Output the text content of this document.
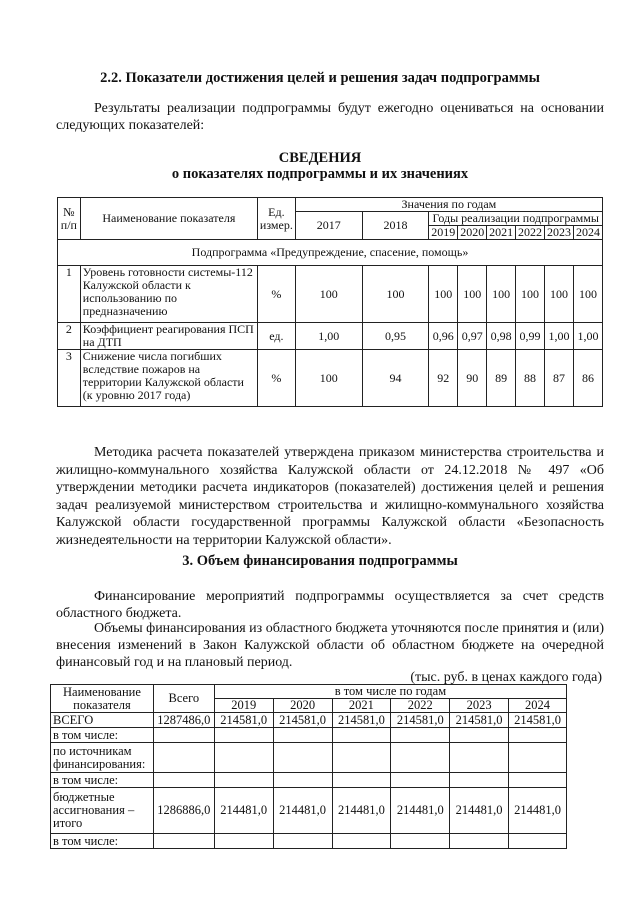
2.2. Показатели достижения целей и решения задач подпрограммы
Результаты реализации подпрограммы будут ежегодно оцениваться на основании следующих показателей:
СВЕДЕНИЯ
о показателях подпрограммы и их значениях
№ п/п	Наименование показателя	Ед. измер.	Значения по годам							
			2017	2018	Годы реализации подпрограммы					
					2019	2020	2021	2022	2023	2024
Подпрограмма «Предупреждение, спасение, помощь»										
1	Уровень готовности системы-112 Калужской области к использованию по предназначению	%	100	100	100	100	100	100	100	100
2	Коэффициент реагирования ПСП на ДТП	ед.	1,00	0,95	0,96	0,97	0,98	0,99	1,00	1,00
3	Снижение числа погибших вследствие пожаров на территории Калужской области (к уровню 2017 года)	%	100	94	92	90	89	88	87	86
Методика расчета показателей утверждена приказом министерства строительства и жилищно-коммунального хозяйства Калужской области от 24.12.2018 № 497 «Об утверждении методики расчета индикаторов (показателей) достижения целей и решения задач реализуемой министерством строительства и жилищно-коммунального хозяйства Калужской области государственной программы Калужской области «Безопасность жизнедеятельности на территории Калужской области».
3. Объем финансирования подпрограммы
Финансирование мероприятий подпрограммы осуществляется за счет средств областного бюджета.
Объемы финансирования из областного бюджета уточняются после принятия и (или) внесения изменений в Закон Калужской области об областном бюджете на очередной финансовый год и на плановый период.
(тыс. руб. в ценах каждого года)
Наименование показателя	Всего	в том числе по годам					
		2019	2020	2021	2022	2023	2024
ВСЕГО	1287486,0	214581,0	214581,0	214581,0	214581,0	214581,0	214581,0
в том числе:							
по источникам финансирования:							
в том числе:							
бюджетные ассигнования – итого	1286886,0	214481,0	214481,0	214481,0	214481,0	214481,0	214481,0
в том числе:							
